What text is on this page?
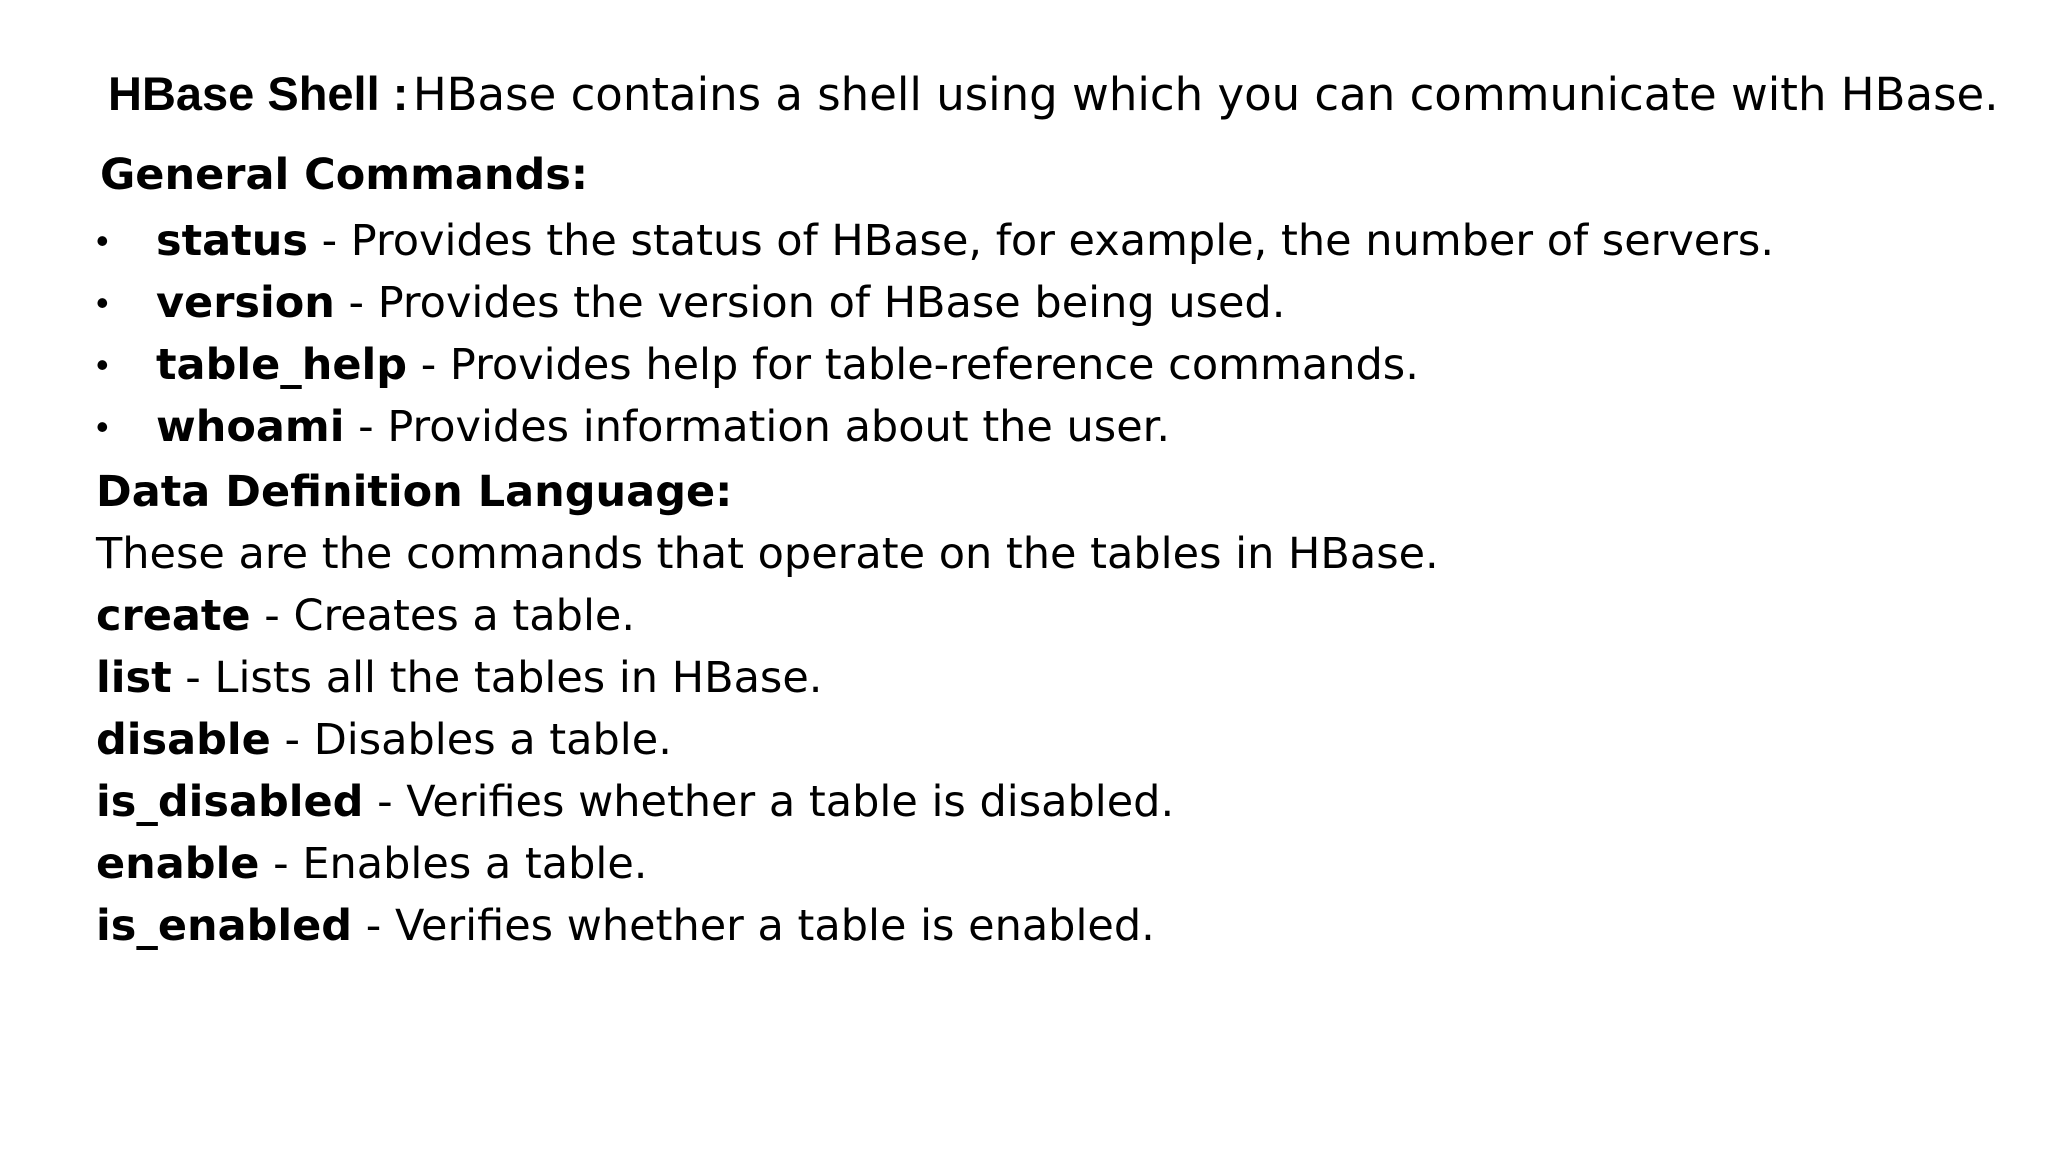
HBase Shell : HBase contains a shell using which you can communicate with HBase.
General Commands:
• status - Provides the status of HBase, for example, the number of servers.
• version - Provides the version of HBase being used.
• table_help - Provides help for table-reference commands.
• whoami - Provides information about the user.
Data Definition Language:
These are the commands that operate on the tables in HBase.
create - Creates a table.
list - Lists all the tables in HBase.
disable - Disables a table.
is_disabled - Verifies whether a table is disabled.
enable - Enables a table.
is_enabled - Verifies whether a table is enabled.
